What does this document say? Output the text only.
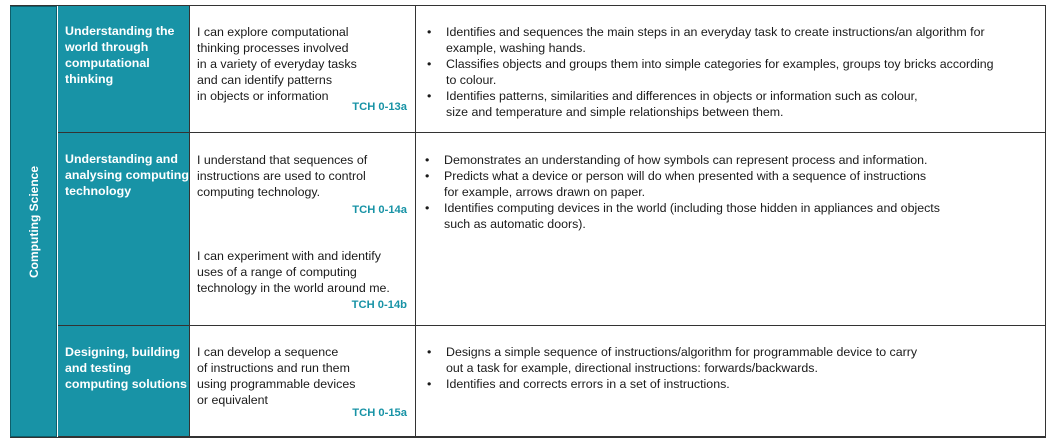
Computing Science
Understanding the world through computational thinking
I can explore computational
thinking processes involved
in a variety of everyday tasks
and can identify patterns
in objects or information
TCH 0-13a
• Identifies and sequences the main steps in an everyday task to create instructions/an algorithm for
example, washing hands.
• Classifies objects and groups them into simple categories for examples, groups toy bricks according
to colour.
• Identifies patterns, similarities and differences in objects or information such as colour,
size and temperature and simple relationships between them.
Understanding and analysing computing technology
I understand that sequences of
instructions are used to control
computing technology.
TCH 0-14a
I can experiment with and identify
uses of a range of computing
technology in the world around me.
TCH 0-14b
• Demonstrates an understanding of how symbols can represent process and information.
• Predicts what a device or person will do when presented with a sequence of instructions
for example, arrows drawn on paper.
• Identifies computing devices in the world (including those hidden in appliances and objects
such as automatic doors).
Designing, building and testing computing solutions
I can develop a sequence
of instructions and run them
using programmable devices
or equivalent
TCH 0-15a
• Designs a simple sequence of instructions/algorithm for programmable device to carry
out a task for example, directional instructions: forwards/backwards.
• Identifies and corrects errors in a set of instructions.
